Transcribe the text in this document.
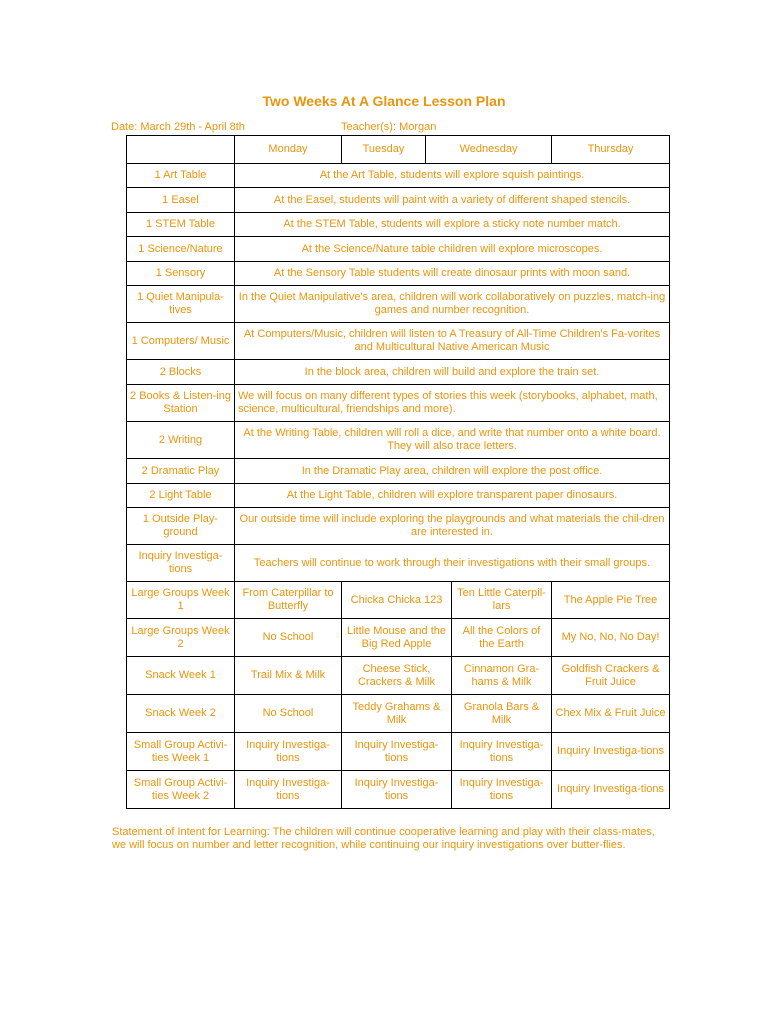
Two Weeks At A Glance Lesson Plan
Date: March 29th - April 8th	Teacher(s): Morgan
	Monday	Tuesday	Wednesday		Thursday
1 Art Table	At the Art Table, students will explore squish paintings.				
1 Easel	At the Easel, students will paint with a variety of different shaped stencils.				
1 STEM Table	At the STEM Table, students will explore a sticky note number match.				
1 Science/Nature	At the Science/Nature table children will explore microscopes.				
1 Sensory	At the Sensory Table students will create dinosaur prints with moon sand.				
1 Quiet Manipula-tives	In the Quiet Manipulative's area, children will work collaboratively on puzzles, match-ing games and number recognition.				
1 Computers/ Music	At Computers/Music, children will listen to A Treasury of All-Time Children's Fa-vorites and Multicultural Native American Music				
2 Blocks	In the block area, children will build and explore the train set.				
2 Books & Listen-ing Station	We will focus on many different types of stories this week (storybooks, alphabet, math, science, multicultural, friendships and more).				
2 Writing	At the Writing Table, children will roll a dice, and write that number onto a white board. They will also trace letters.				
2 Dramatic Play	In the Dramatic Play area, children will explore the post office.				
2 Light Table	At the Light Table, children will explore transparent paper dinosaurs.				
1 Outside Play-ground	Our outside time will include exploring the playgrounds and what materials the chil-dren are interested in.				
Inquiry Investiga-tions	Teachers will continue to work through their investigations with their small groups.				
Large Groups Week 1	From Caterpillar to Butterfly	Chicka Chicka 123		Ten Little Caterpil-lars	The Apple Pie Tree
Large Groups Week 2	No School	Little Mouse and the Big Red Apple		All the Colors of the Earth	My No, No, No Day!
Snack Week 1	Trail Mix & Milk	Cheese Stick, Crackers & Milk		Cinnamon Gra-hams & Milk	Goldfish Crackers & Fruit Juice
Snack Week 2	No School	Teddy Grahams & Milk		Granola Bars & Milk	Chex Mix & Fruit Juice
Small Group Activi-ties Week 1	Inquiry Investiga-tions	Inquiry Investiga-tions		Inquiry Investiga-tions	Inquiry Investiga-tions
Small Group Activi-ties Week 2	Inquiry Investiga-tions	Inquiry Investiga-tions		Inquiry Investiga-tions	Inquiry Investiga-tions
Statement of Intent for Learning: The children will continue cooperative learning and play with their class-mates, we will focus on number and letter recognition, while continuing our inquiry investigations over butter-flies.
